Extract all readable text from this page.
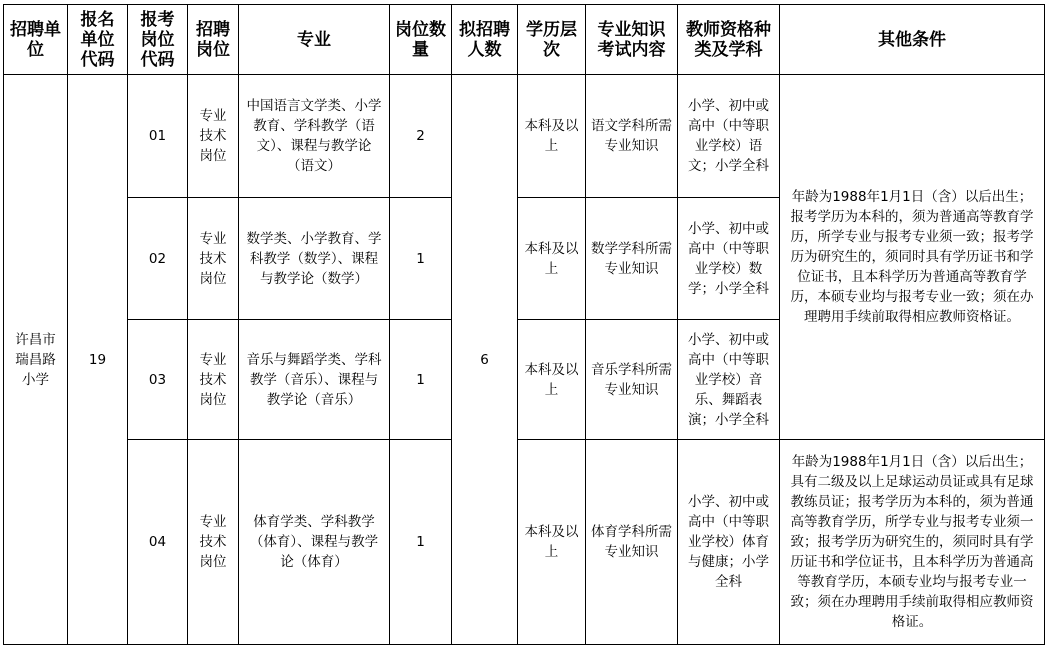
招聘单位	报名单位代码	报考岗位代码	招聘岗位	专业	岗位数量	拟招聘人数	学历层次	专业知识考试内容	教师资格种类及学科	其他条件
许昌市瑞昌路小学	19	01	专业技术岗位	中国语言文学类、小学教育、学科教学（语文）、课程与教学论（语文）	2	6	本科及以上	语文学科所需专业知识	小学、初中或高中（中等职业学校）语文；小学全科	年龄为1988年1月1日（含）以后出生；报考学历为本科的，须为普通高等教育学历，所学专业与报考专业须一致；报考学历为研究生的，须同时具有学历证书和学位证书，且本科学历为普通高等教育学历，本硕专业均与报考专业一致；须在办理聘用手续前取得相应教师资格证。
		02	专业技术岗位	数学类、小学教育、学科教学（数学）、课程与教学论（数学）	1		本科及以上	数学学科所需专业知识	小学、初中或高中（中等职业学校）数学；小学全科	
		03	专业技术岗位	音乐与舞蹈学类、学科教学（音乐）、课程与教学论（音乐）	1		本科及以上	音乐学科所需专业知识	小学、初中或高中（中等职业学校）音乐、舞蹈表演；小学全科	
		04	专业技术岗位	体育学类、学科教学（体育）、课程与教学论（体育）	1		本科及以上	体育学科所需专业知识	小学、初中或高中（中等职业学校）体育与健康；小学全科	年龄为1988年1月1日（含）以后出生；具有二级及以上足球运动员证或具有足球教练员证；报考学历为本科的，须为普通高等教育学历，所学专业与报考专业须一致；报考学历为研究生的，须同时具有学历证书和学位证书，且本科学历为普通高等教育学历，本硕专业均与报考专业一致；须在办理聘用手续前取得相应教师资格证。
